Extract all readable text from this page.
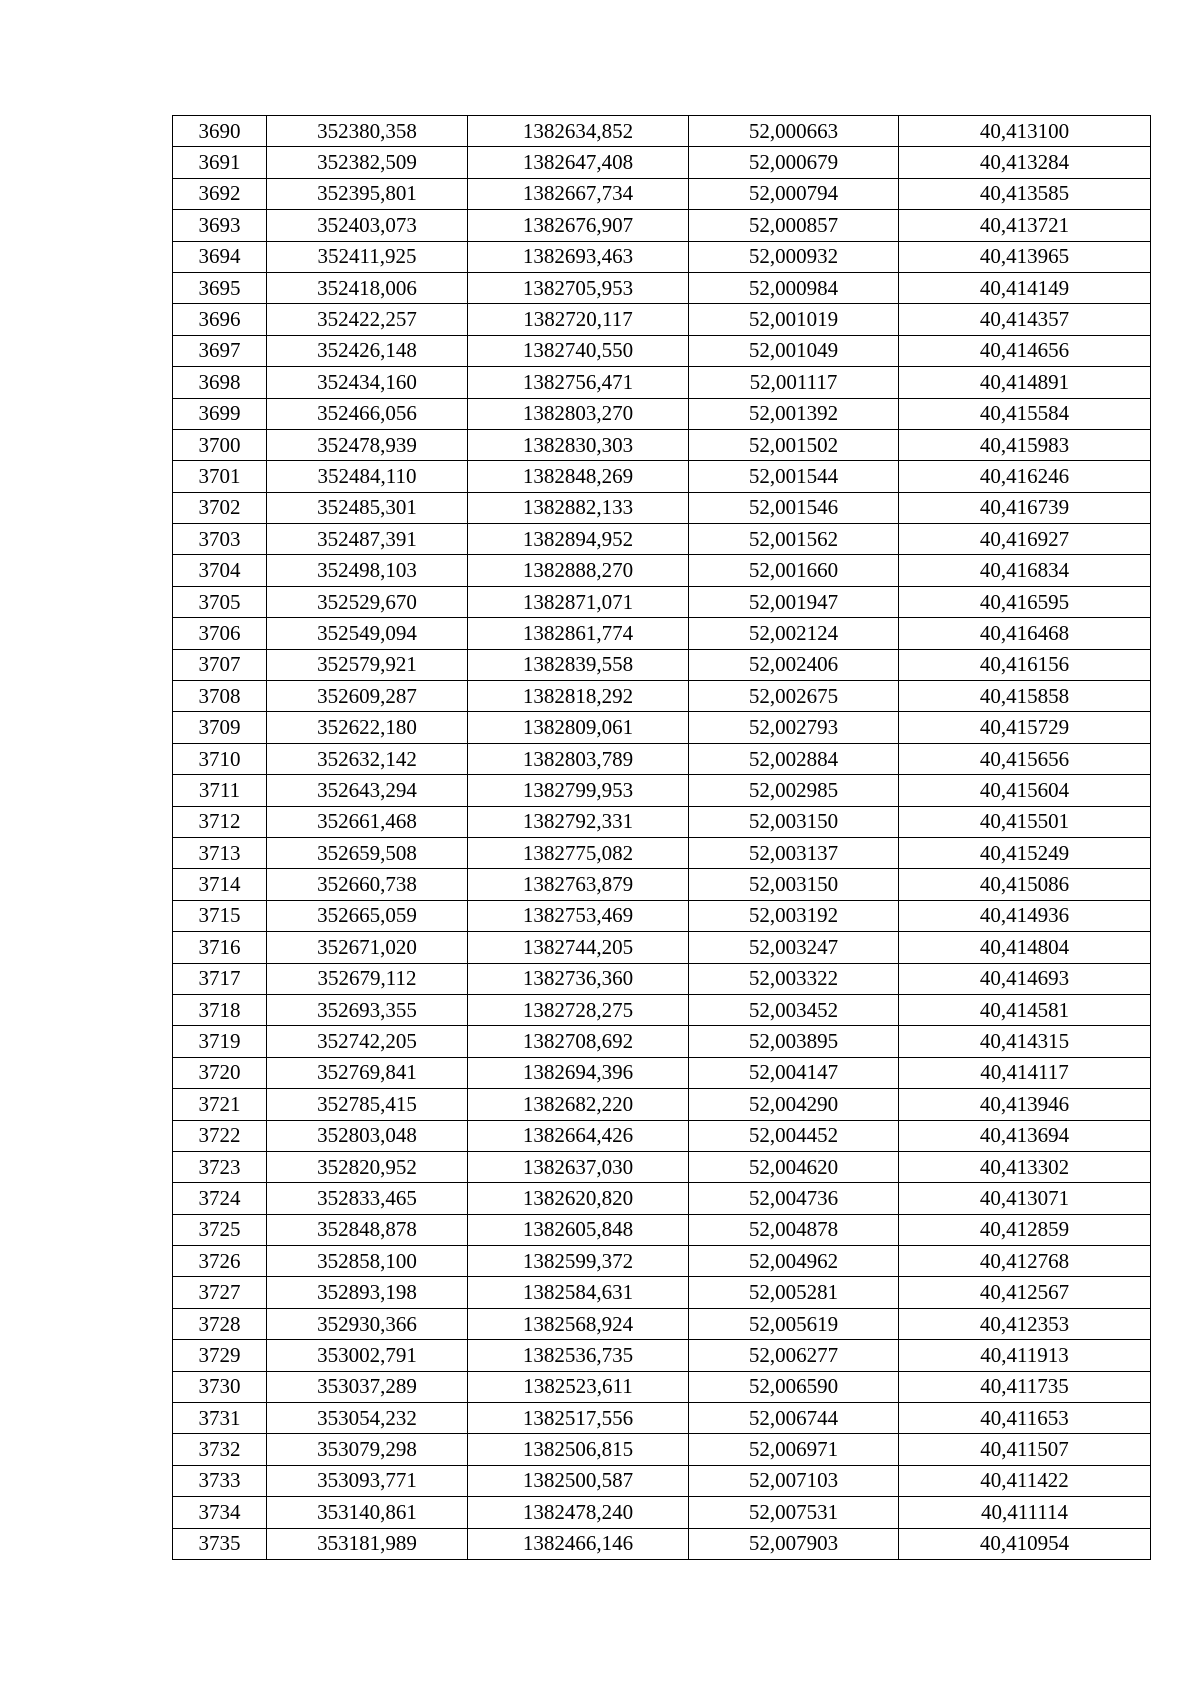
3690	352380,358	1382634,852	52,000663	40,413100
3691	352382,509	1382647,408	52,000679	40,413284
3692	352395,801	1382667,734	52,000794	40,413585
3693	352403,073	1382676,907	52,000857	40,413721
3694	352411,925	1382693,463	52,000932	40,413965
3695	352418,006	1382705,953	52,000984	40,414149
3696	352422,257	1382720,117	52,001019	40,414357
3697	352426,148	1382740,550	52,001049	40,414656
3698	352434,160	1382756,471	52,001117	40,414891
3699	352466,056	1382803,270	52,001392	40,415584
3700	352478,939	1382830,303	52,001502	40,415983
3701	352484,110	1382848,269	52,001544	40,416246
3702	352485,301	1382882,133	52,001546	40,416739
3703	352487,391	1382894,952	52,001562	40,416927
3704	352498,103	1382888,270	52,001660	40,416834
3705	352529,670	1382871,071	52,001947	40,416595
3706	352549,094	1382861,774	52,002124	40,416468
3707	352579,921	1382839,558	52,002406	40,416156
3708	352609,287	1382818,292	52,002675	40,415858
3709	352622,180	1382809,061	52,002793	40,415729
3710	352632,142	1382803,789	52,002884	40,415656
3711	352643,294	1382799,953	52,002985	40,415604
3712	352661,468	1382792,331	52,003150	40,415501
3713	352659,508	1382775,082	52,003137	40,415249
3714	352660,738	1382763,879	52,003150	40,415086
3715	352665,059	1382753,469	52,003192	40,414936
3716	352671,020	1382744,205	52,003247	40,414804
3717	352679,112	1382736,360	52,003322	40,414693
3718	352693,355	1382728,275	52,003452	40,414581
3719	352742,205	1382708,692	52,003895	40,414315
3720	352769,841	1382694,396	52,004147	40,414117
3721	352785,415	1382682,220	52,004290	40,413946
3722	352803,048	1382664,426	52,004452	40,413694
3723	352820,952	1382637,030	52,004620	40,413302
3724	352833,465	1382620,820	52,004736	40,413071
3725	352848,878	1382605,848	52,004878	40,412859
3726	352858,100	1382599,372	52,004962	40,412768
3727	352893,198	1382584,631	52,005281	40,412567
3728	352930,366	1382568,924	52,005619	40,412353
3729	353002,791	1382536,735	52,006277	40,411913
3730	353037,289	1382523,611	52,006590	40,411735
3731	353054,232	1382517,556	52,006744	40,411653
3732	353079,298	1382506,815	52,006971	40,411507
3733	353093,771	1382500,587	52,007103	40,411422
3734	353140,861	1382478,240	52,007531	40,411114
3735	353181,989	1382466,146	52,007903	40,410954
